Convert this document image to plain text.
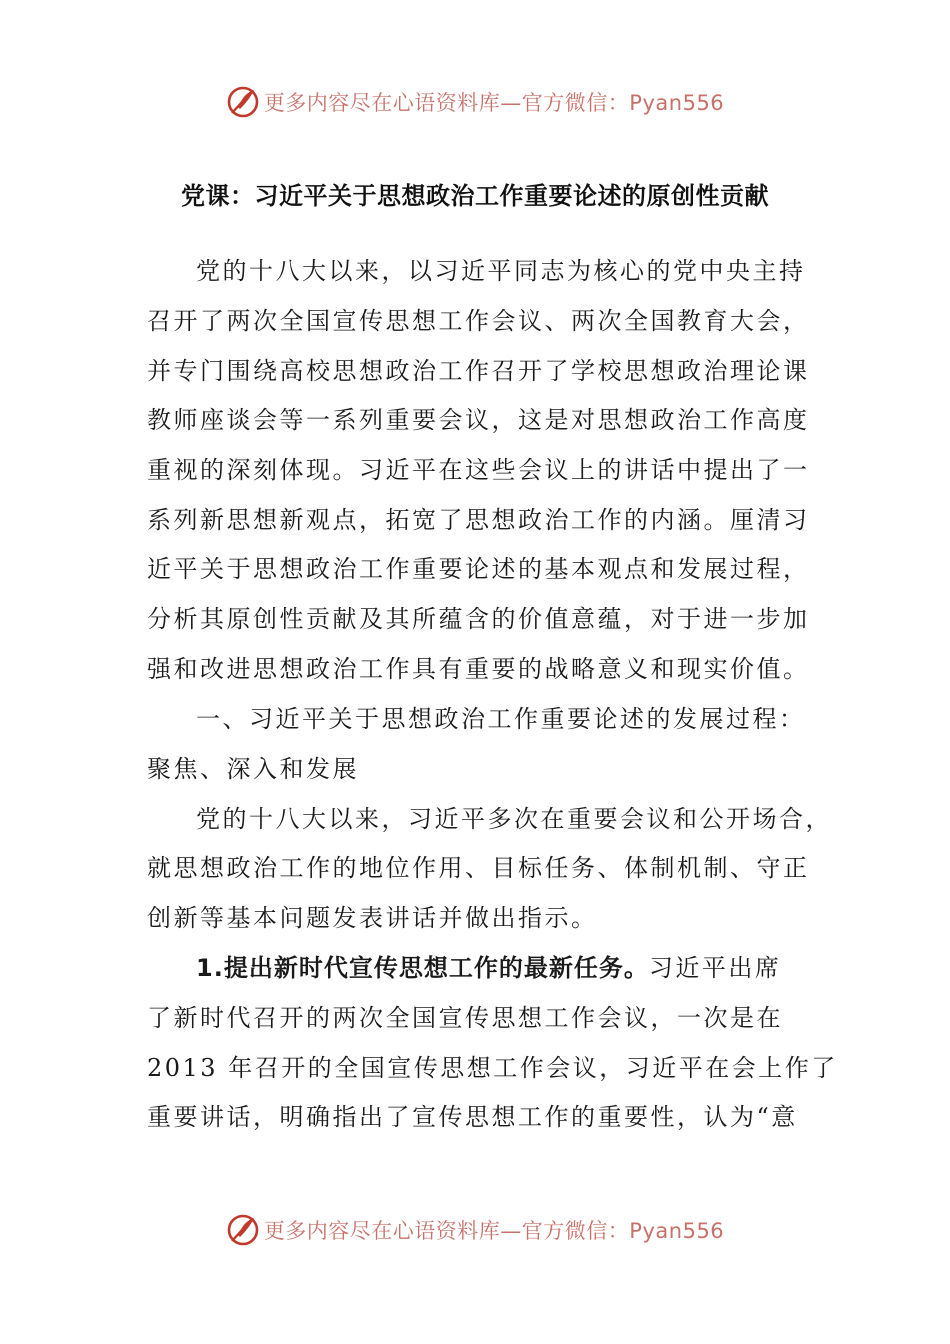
更多内容尽在心语资料库—官方微信：Pyan556
党课：习近平关于思想政治工作重要论述的原创性贡献
党的十八大以来，以习近平同志为核心的党中央主持
召开了两次全国宣传思想工作会议、两次全国教育大会，
并专门围绕高校思想政治工作召开了学校思想政治理论课
教师座谈会等一系列重要会议，这是对思想政治工作高度
重视的深刻体现。习近平在这些会议上的讲话中提出了一
系列新思想新观点，拓宽了思想政治工作的内涵。厘清习
近平关于思想政治工作重要论述的基本观点和发展过程，
分析其原创性贡献及其所蕴含的价值意蕴，对于进一步加
强和改进思想政治工作具有重要的战略意义和现实价值。
一、习近平关于思想政治工作重要论述的发展过程：
聚焦、深入和发展
党的十八大以来，习近平多次在重要会议和公开场合，
就思想政治工作的地位作用、目标任务、体制机制、守正
创新等基本问题发表讲话并做出指示。
1.提出新时代宣传思想工作的最新任务。习近平出席
了新时代召开的两次全国宣传思想工作会议，一次是在
2013 年召开的全国宣传思想工作会议，习近平在会上作了
重要讲话，明确指出了宣传思想工作的重要性，认为“意
更多内容尽在心语资料库—官方微信：Pyan556
